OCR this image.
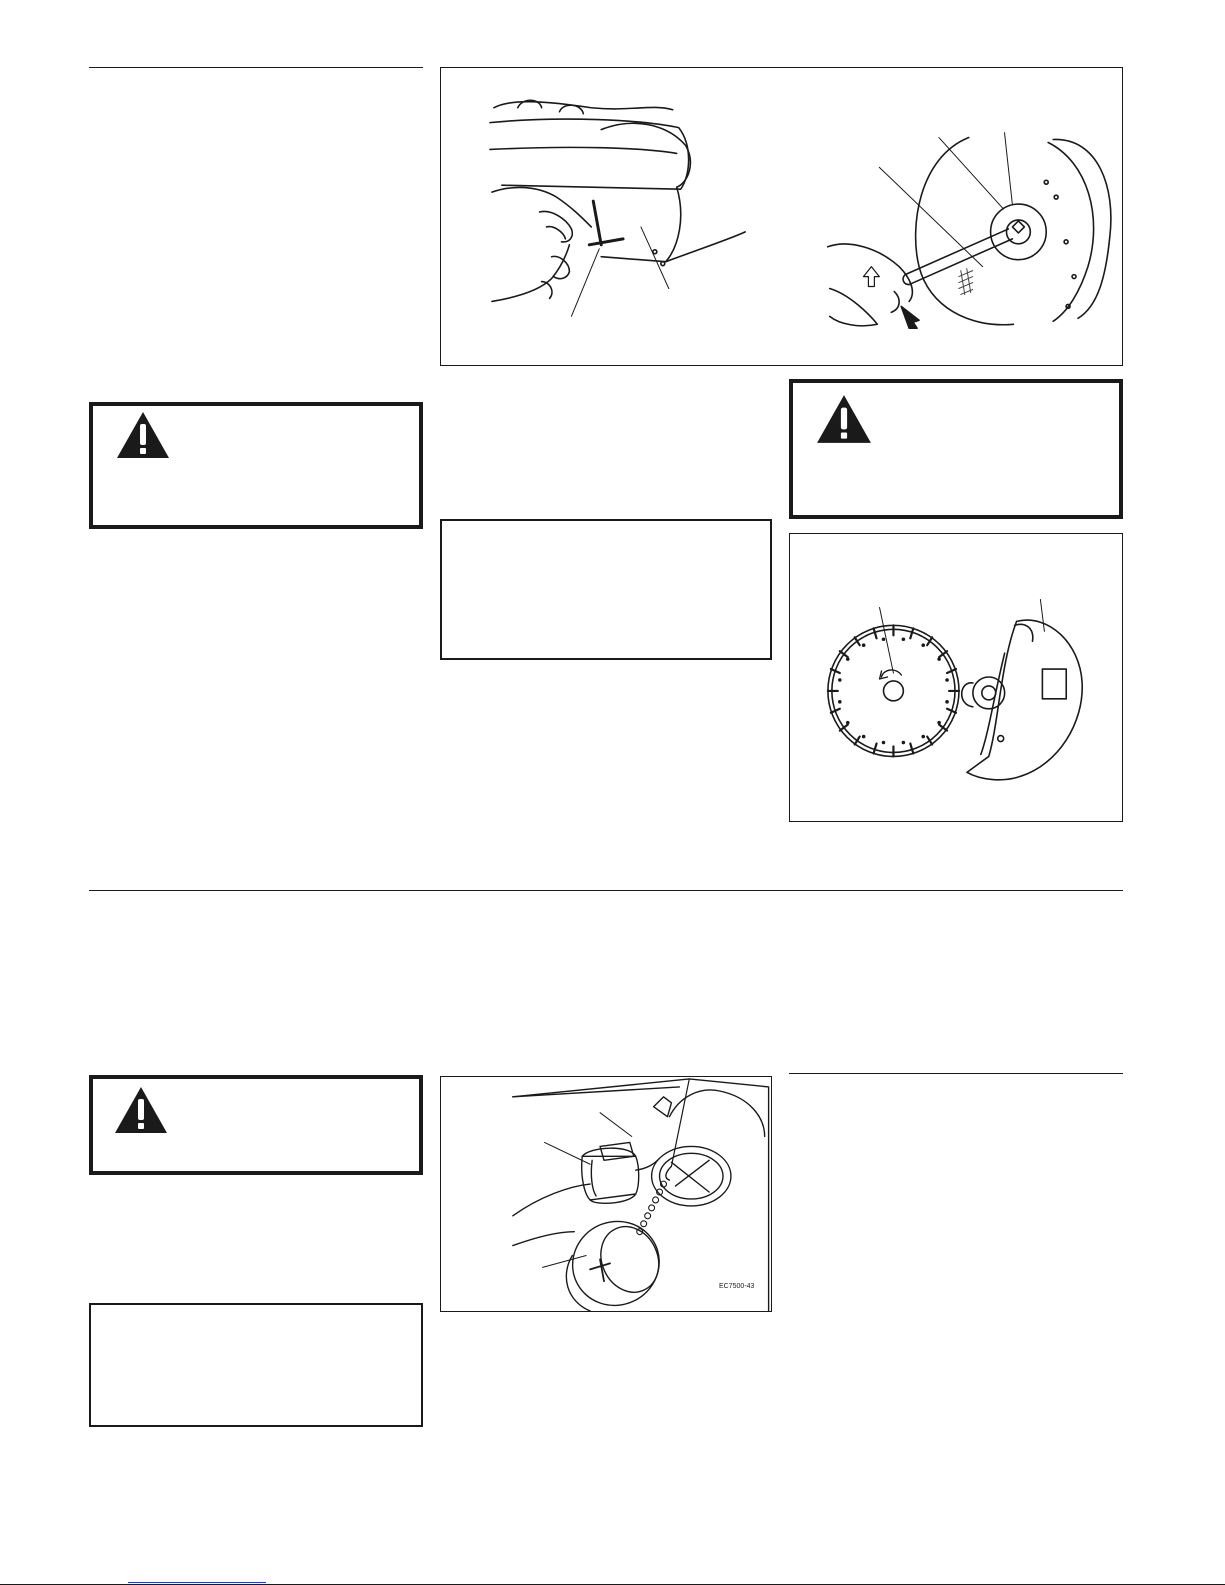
EC7500-43
